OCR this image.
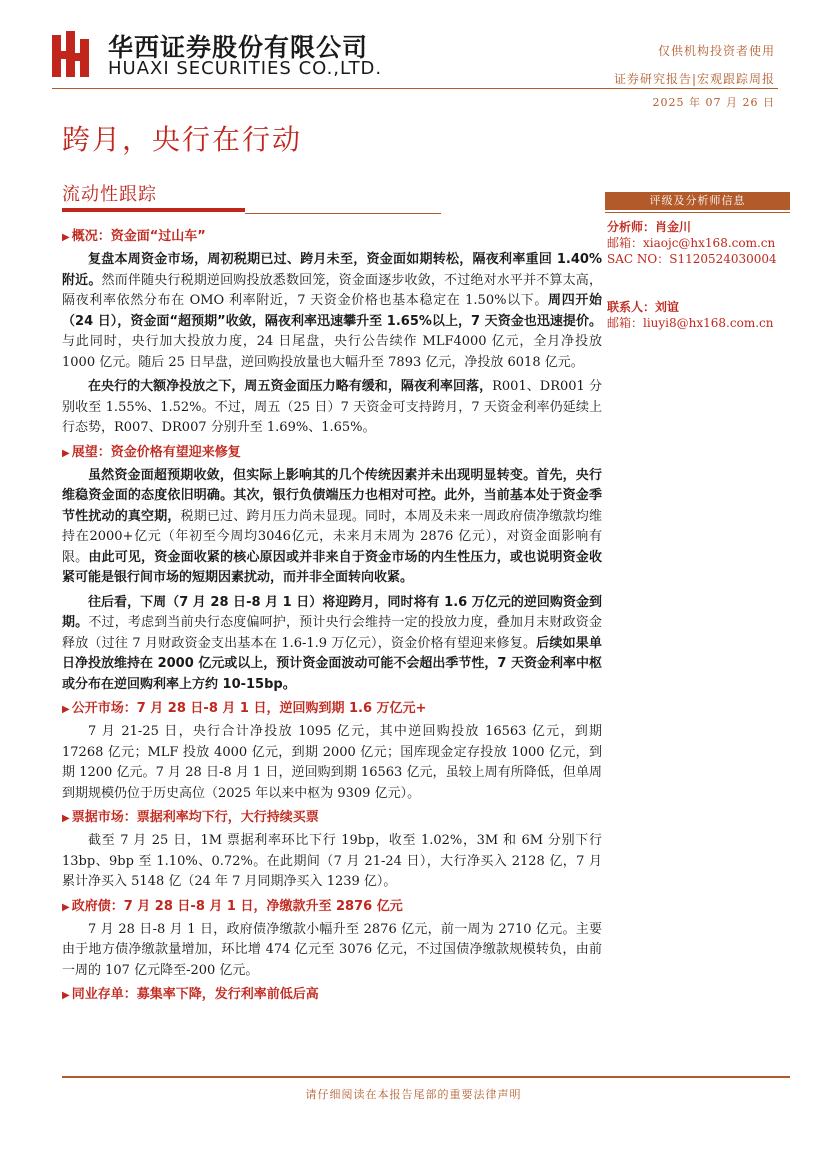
华西证券股份有限公司
HUAXI SECURITIES CO.,LTD.
仅供机构投资者使用
证券研究报告|宏观跟踪周报
2025 年 07 月 26 日
跨月，央行在行动
流动性跟踪
▶ 概况：资金面“过山车”
复盘本周资金市场，周初税期已过、跨月未至，资金面如期转松，隔夜利率重回 1.40%附近。然而伴随央行税期逆回购投放悉数回笼，资金面逐步收敛，不过绝对水平并不算太高，隔夜利率依然分布在 OMO 利率附近，7 天资金价格也基本稳定在 1.50%以下。周四开始（24 日），资金面“超预期”收敛，隔夜利率迅速攀升至 1.65%以上，7 天资金也迅速提价。与此同时，央行加大投放力度，24 日尾盘，央行公告续作 MLF4000 亿元，全月净投放 1000 亿元。随后 25 日早盘，逆回购投放量也大幅升至 7893 亿元，净投放 6018 亿元。
在央行的大额净投放之下，周五资金面压力略有缓和，隔夜利率回落，R001、DR001 分别收至 1.55%、1.52%。不过，周五（25 日）7 天资金可支持跨月，7 天资金利率仍延续上行态势，R007、DR007 分别升至 1.69%、1.65%。
▶ 展望：资金价格有望迎来修复
虽然资金面超预期收敛，但实际上影响其的几个传统因素并未出现明显转变。首先，央行维稳资金面的态度依旧明确。其次，银行负债端压力也相对可控。此外，当前基本处于资金季节性扰动的真空期，税期已过、跨月压力尚未显现。同时，本周及未来一周政府债净缴款均维持在2000+亿元（年初至今周均3046亿元，未来月末周为 2876 亿元），对资金面影响有限。由此可见，资金面收紧的核心原因或并非来自于资金市场的内生性压力，或也说明资金收紧可能是银行间市场的短期因素扰动，而并非全面转向收紧。
往后看，下周（7 月 28 日-8 月 1 日）将迎跨月，同时将有 1.6 万亿元的逆回购资金到期。不过，考虑到当前央行态度偏呵护，预计央行会维持一定的投放力度，叠加月末财政资金释放（过往 7 月财政资金支出基本在 1.6-1.9 万亿元），资金价格有望迎来修复。后续如果单日净投放维持在 2000 亿元或以上，预计资金面波动可能不会超出季节性，7 天资金利率中枢或分布在逆回购利率上方约 10-15bp。
▶ 公开市场：7 月 28 日-8 月 1 日，逆回购到期 1.6 万亿元+
7 月 21-25 日，央行合计净投放 1095 亿元，其中逆回购投放 16563 亿元，到期 17268 亿元；MLF 投放 4000 亿元，到期 2000 亿元；国库现金定存投放 1000 亿元，到期 1200 亿元。7 月 28 日-8 月 1 日，逆回购到期 16563 亿元，虽较上周有所降低，但单周到期规模仍位于历史高位（2025 年以来中枢为 9309 亿元）。
▶ 票据市场：票据利率均下行，大行持续买票
截至 7 月 25 日，1M 票据利率环比下行 19bp，收至 1.02%，3M 和 6M 分别下行 13bp、9bp 至 1.10%、0.72%。在此期间（7 月 21-24 日），大行净买入 2128 亿，7 月累计净买入 5148 亿（24 年 7 月同期净买入 1239 亿）。
▶ 政府债：7 月 28 日-8 月 1 日，净缴款升至 2876 亿元
7 月 28 日-8 月 1 日，政府债净缴款小幅升至 2876 亿元，前一周为 2710 亿元。主要由于地方债净缴款量增加，环比增 474 亿元至 3076 亿元，不过国债净缴款规模转负，由前一周的 107 亿元降至-200 亿元。
▶ 同业存单：募集率下降，发行利率前低后高
评级及分析师信息
分析师：肖金川
邮箱：xiaojc@hx168.com.cn
SAC NO：S1120524030004
联系人：刘谊
邮箱：liuyi8@hx168.com.cn
请仔细阅读在本报告尾部的重要法律声明
